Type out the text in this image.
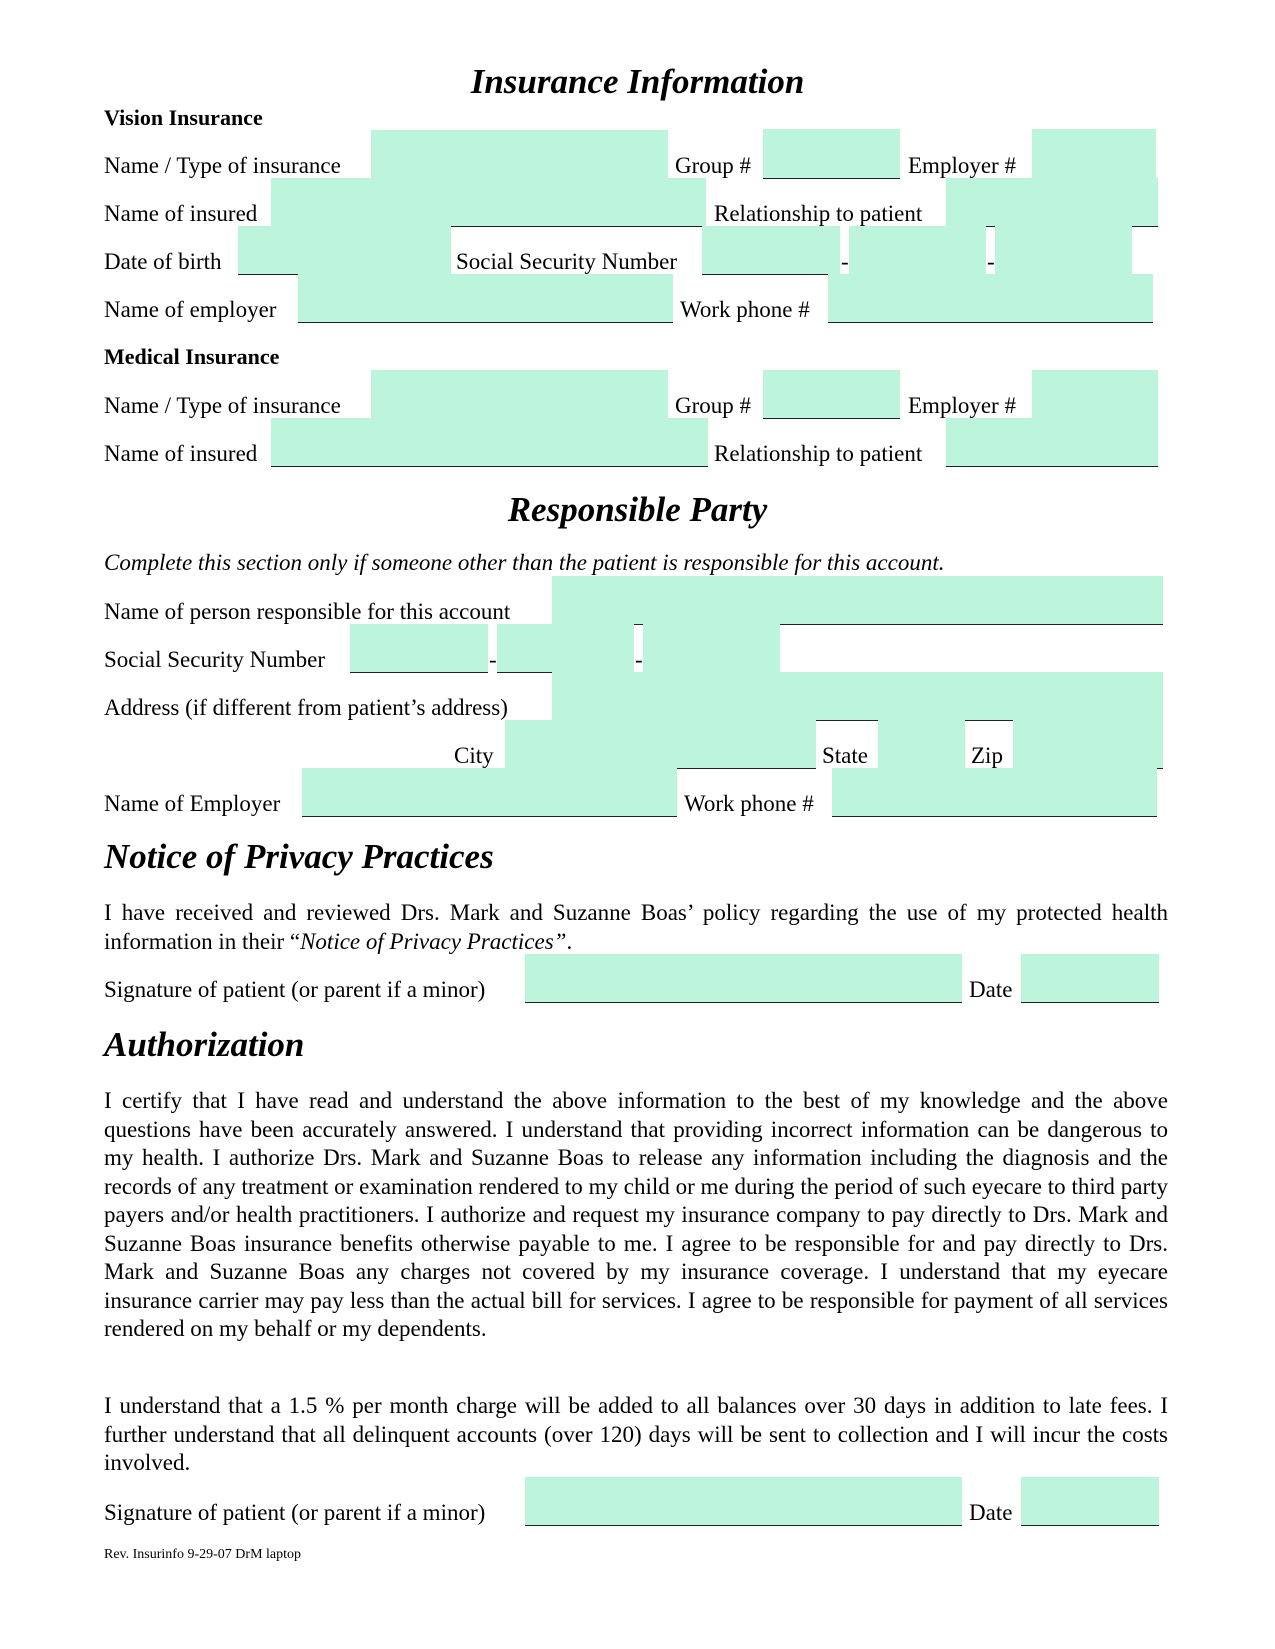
Insurance Information
Vision Insurance
Name / Type of insurance	Group #	Employer #
Name of insured	Relationship to patient
Date of birth	Social Security Number	-	-
Name of employer	Work phone #
Medical Insurance
Name / Type of insurance	Group #	Employer #
Name of insured	Relationship to patient
Responsible Party
Complete this section only if someone other than the patient is responsible for this account.
Name of person responsible for this account
Social Security Number	-	-
Address (if different from patient’s address)
City	State	Zip
Name of Employer	Work phone #
Notice of Privacy Practices
I have received and reviewed Drs. Mark and Suzanne Boas’ policy regarding the use of my protected health information in their “Notice of Privacy Practices”.
Signature of patient (or parent if a minor)	Date
Authorization
I certify that I have read and understand the above information to the best of my knowledge and the above questions have been accurately answered. I understand that providing incorrect information can be dangerous to my health. I authorize Drs. Mark and Suzanne Boas to release any information including the diagnosis and the records of any treatment or examination rendered to my child or me during the period of such eyecare to third party payers and/or health practitioners. I authorize and request my insurance company to pay directly to Drs. Mark and Suzanne Boas insurance benefits otherwise payable to me. I agree to be responsible for and pay directly to Drs. Mark and Suzanne Boas any charges not covered by my insurance coverage. I understand that my eyecare insurance carrier may pay less than the actual bill for services. I agree to be responsible for payment of all services rendered on my behalf or my dependents.
I understand that a 1.5 % per month charge will be added to all balances over 30 days in addition to late fees. I further understand that all delinquent accounts (over 120) days will be sent to collection and I will incur the costs involved.
Signature of patient (or parent if a minor)	Date
Rev. Insurinfo 9-29-07 DrM laptop
